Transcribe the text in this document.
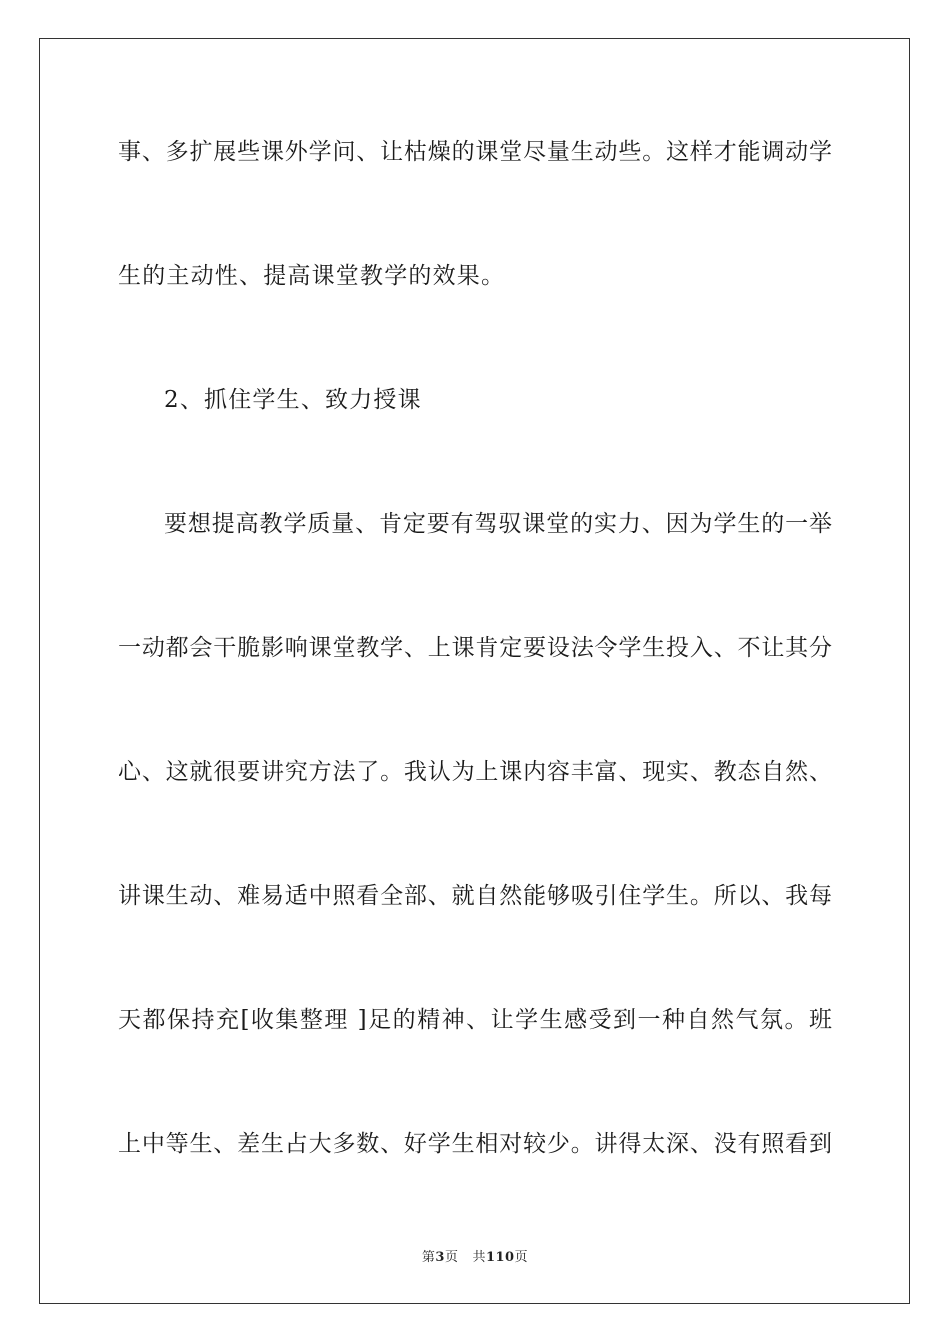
事、多扩展些课外学问、让枯燥的课堂尽量生动些。这样才能调动学
生的主动性、提高课堂教学的效果。
2、抓住学生、致力授课
要想提高教学质量、肯定要有驾驭课堂的实力、因为学生的一举
一动都会干脆影响课堂教学、上课肯定要设法令学生投入、不让其分
心、这就很要讲究方法了。我认为上课内容丰富、现实、教态自然、
讲课生动、难易适中照看全部、就自然能够吸引住学生。所以、我每
天都保持充[收集整理 ]足的精神、让学生感受到一种自然气氛。班
上中等生、差生占大多数、好学生相对较少。讲得太深、没有照看到
第3页 共110页
